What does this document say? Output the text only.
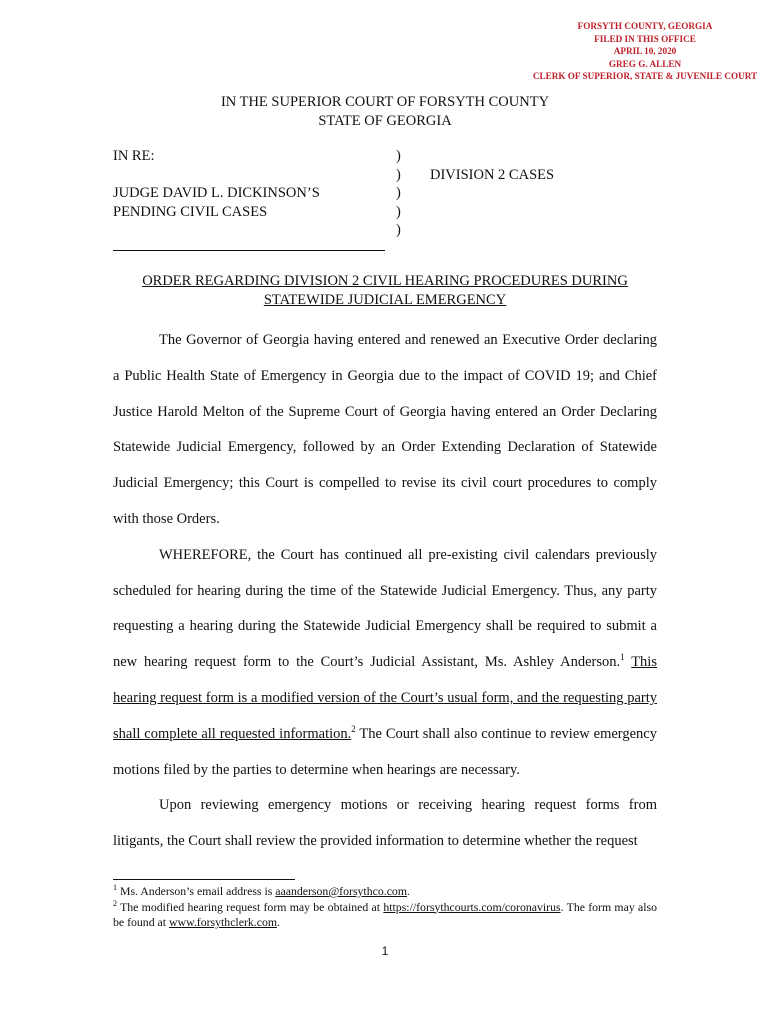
FORSYTH COUNTY, GEORGIA
FILED IN THIS OFFICE
APRIL 10, 2020
GREG G. ALLEN
CLERK OF SUPERIOR, STATE & JUVENILE COURT
IN THE SUPERIOR COURT OF FORSYTH COUNTY
STATE OF GEORGIA
IN RE:
JUDGE DAVID L. DICKINSON’S
PENDING CIVIL CASES
)
)
)
)
)
DIVISION 2 CASES
ORDER REGARDING DIVISION 2 CIVIL HEARING PROCEDURES DURING
STATEWIDE JUDICIAL EMERGENCY

The Governor of Georgia having entered and renewed an Executive Order declaring a Public Health State of Emergency in Georgia due to the impact of COVID 19; and Chief Justice Harold Melton of the Supreme Court of Georgia having entered an Order Declaring Statewide Judicial Emergency, followed by an Order Extending Declaration of Statewide Judicial Emergency; this Court is compelled to revise its civil court procedures to comply with those Orders.

WHEREFORE, the Court has continued all pre-existing civil calendars previously scheduled for hearing during the time of the Statewide Judicial Emergency. Thus, any party requesting a hearing during the Statewide Judicial Emergency shall be required to submit a new hearing request form to the Court’s Judicial Assistant, Ms. Ashley Anderson.$^1$ This hearing request form is a modified version of the Court’s usual form, and the requesting party shall complete all requested information.$^2$ The Court shall also continue to review emergency motions filed by the parties to determine when hearings are necessary.

Upon reviewing emergency motions or receiving hearing request forms from litigants, the Court shall review the provided information to determine whether the request

$^1$ Ms. Anderson’s email address is aaanderson@forsythco.com.

$^2$ The modified hearing request form may be obtained at https://forsythcourts.com/coronavirus. The form may also be found at www.forsythclerk.com.

1
